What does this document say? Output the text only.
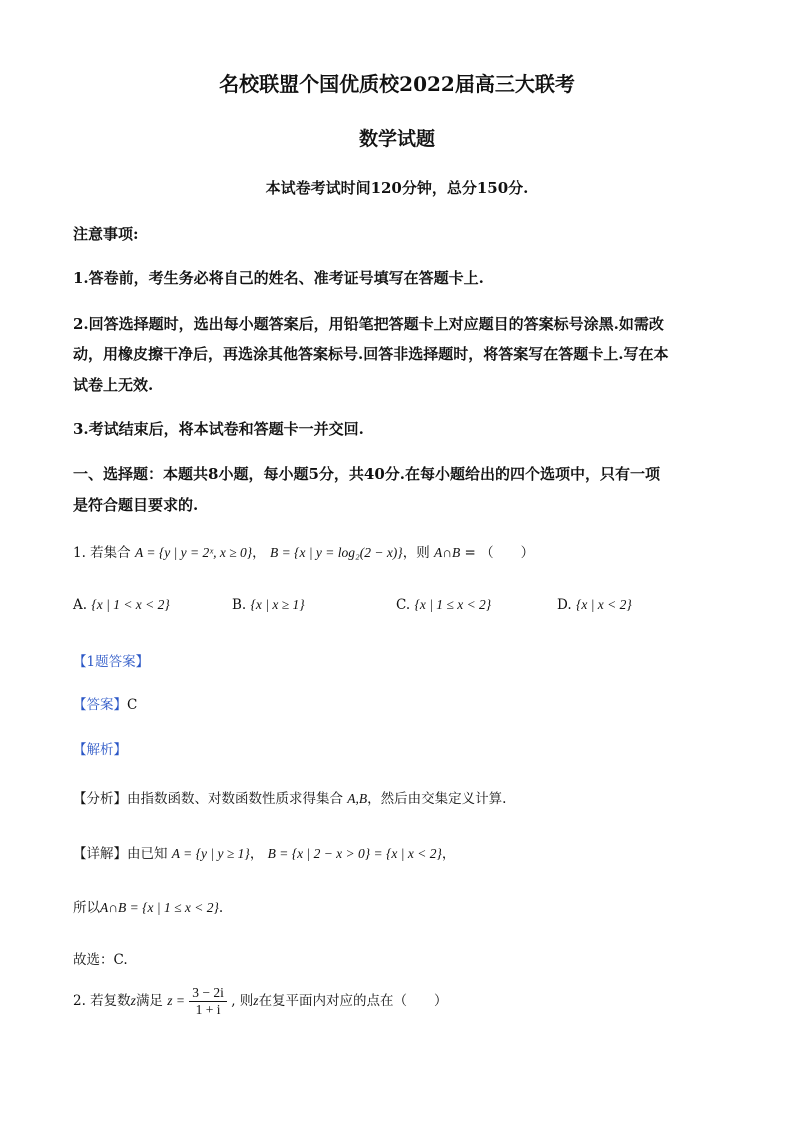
名校联盟个国优质校2022届高三大联考
数学试题
本试卷考试时间120分钟，总分150分.
注意事项:
1.答卷前，考生务必将自己的姓名、准考证号填写在答题卡上.
2.回答选择题时，选出每小题答案后，用铅笔把答题卡上对应题目的答案标号涂黑.如需改
动，用橡皮擦干净后，再选涂其他答案标号.回答非选择题时，将答案写在答题卡上.写在本
试卷上无效.
3.考试结束后，将本试卷和答题卡一并交回.
一、选择题：本题共8小题，每小题5分，共40分.在每小题给出的四个选项中，只有一项
是符合题目要求的.
1. 若集合 A = {y | y = 2ˣ, x ≥ 0}， B = {x | y = log₂(2 − x)}，则 A∩B = （　　）
A. {x | 1 < x < 2}	B. {x | x ≥ 1}	C. {x | 1 ≤ x < 2}	D. {x | x < 2}
【1题答案】
【答案】C
【解析】
【分析】由指数函数、对数函数性质求得集合 A,B，然后由交集定义计算.
【详解】由已知 A = {y | y ≥ 1}， B = {x | 2 − x > 0} = {x | x < 2}，
所以A∩B = {x | 1 ≤ x < 2}.
故选：C.
2. 若复数z满足 $z = \frac{3 - 2i}{1 + i}$ , 则z在复平面内对应的点在（　　）
